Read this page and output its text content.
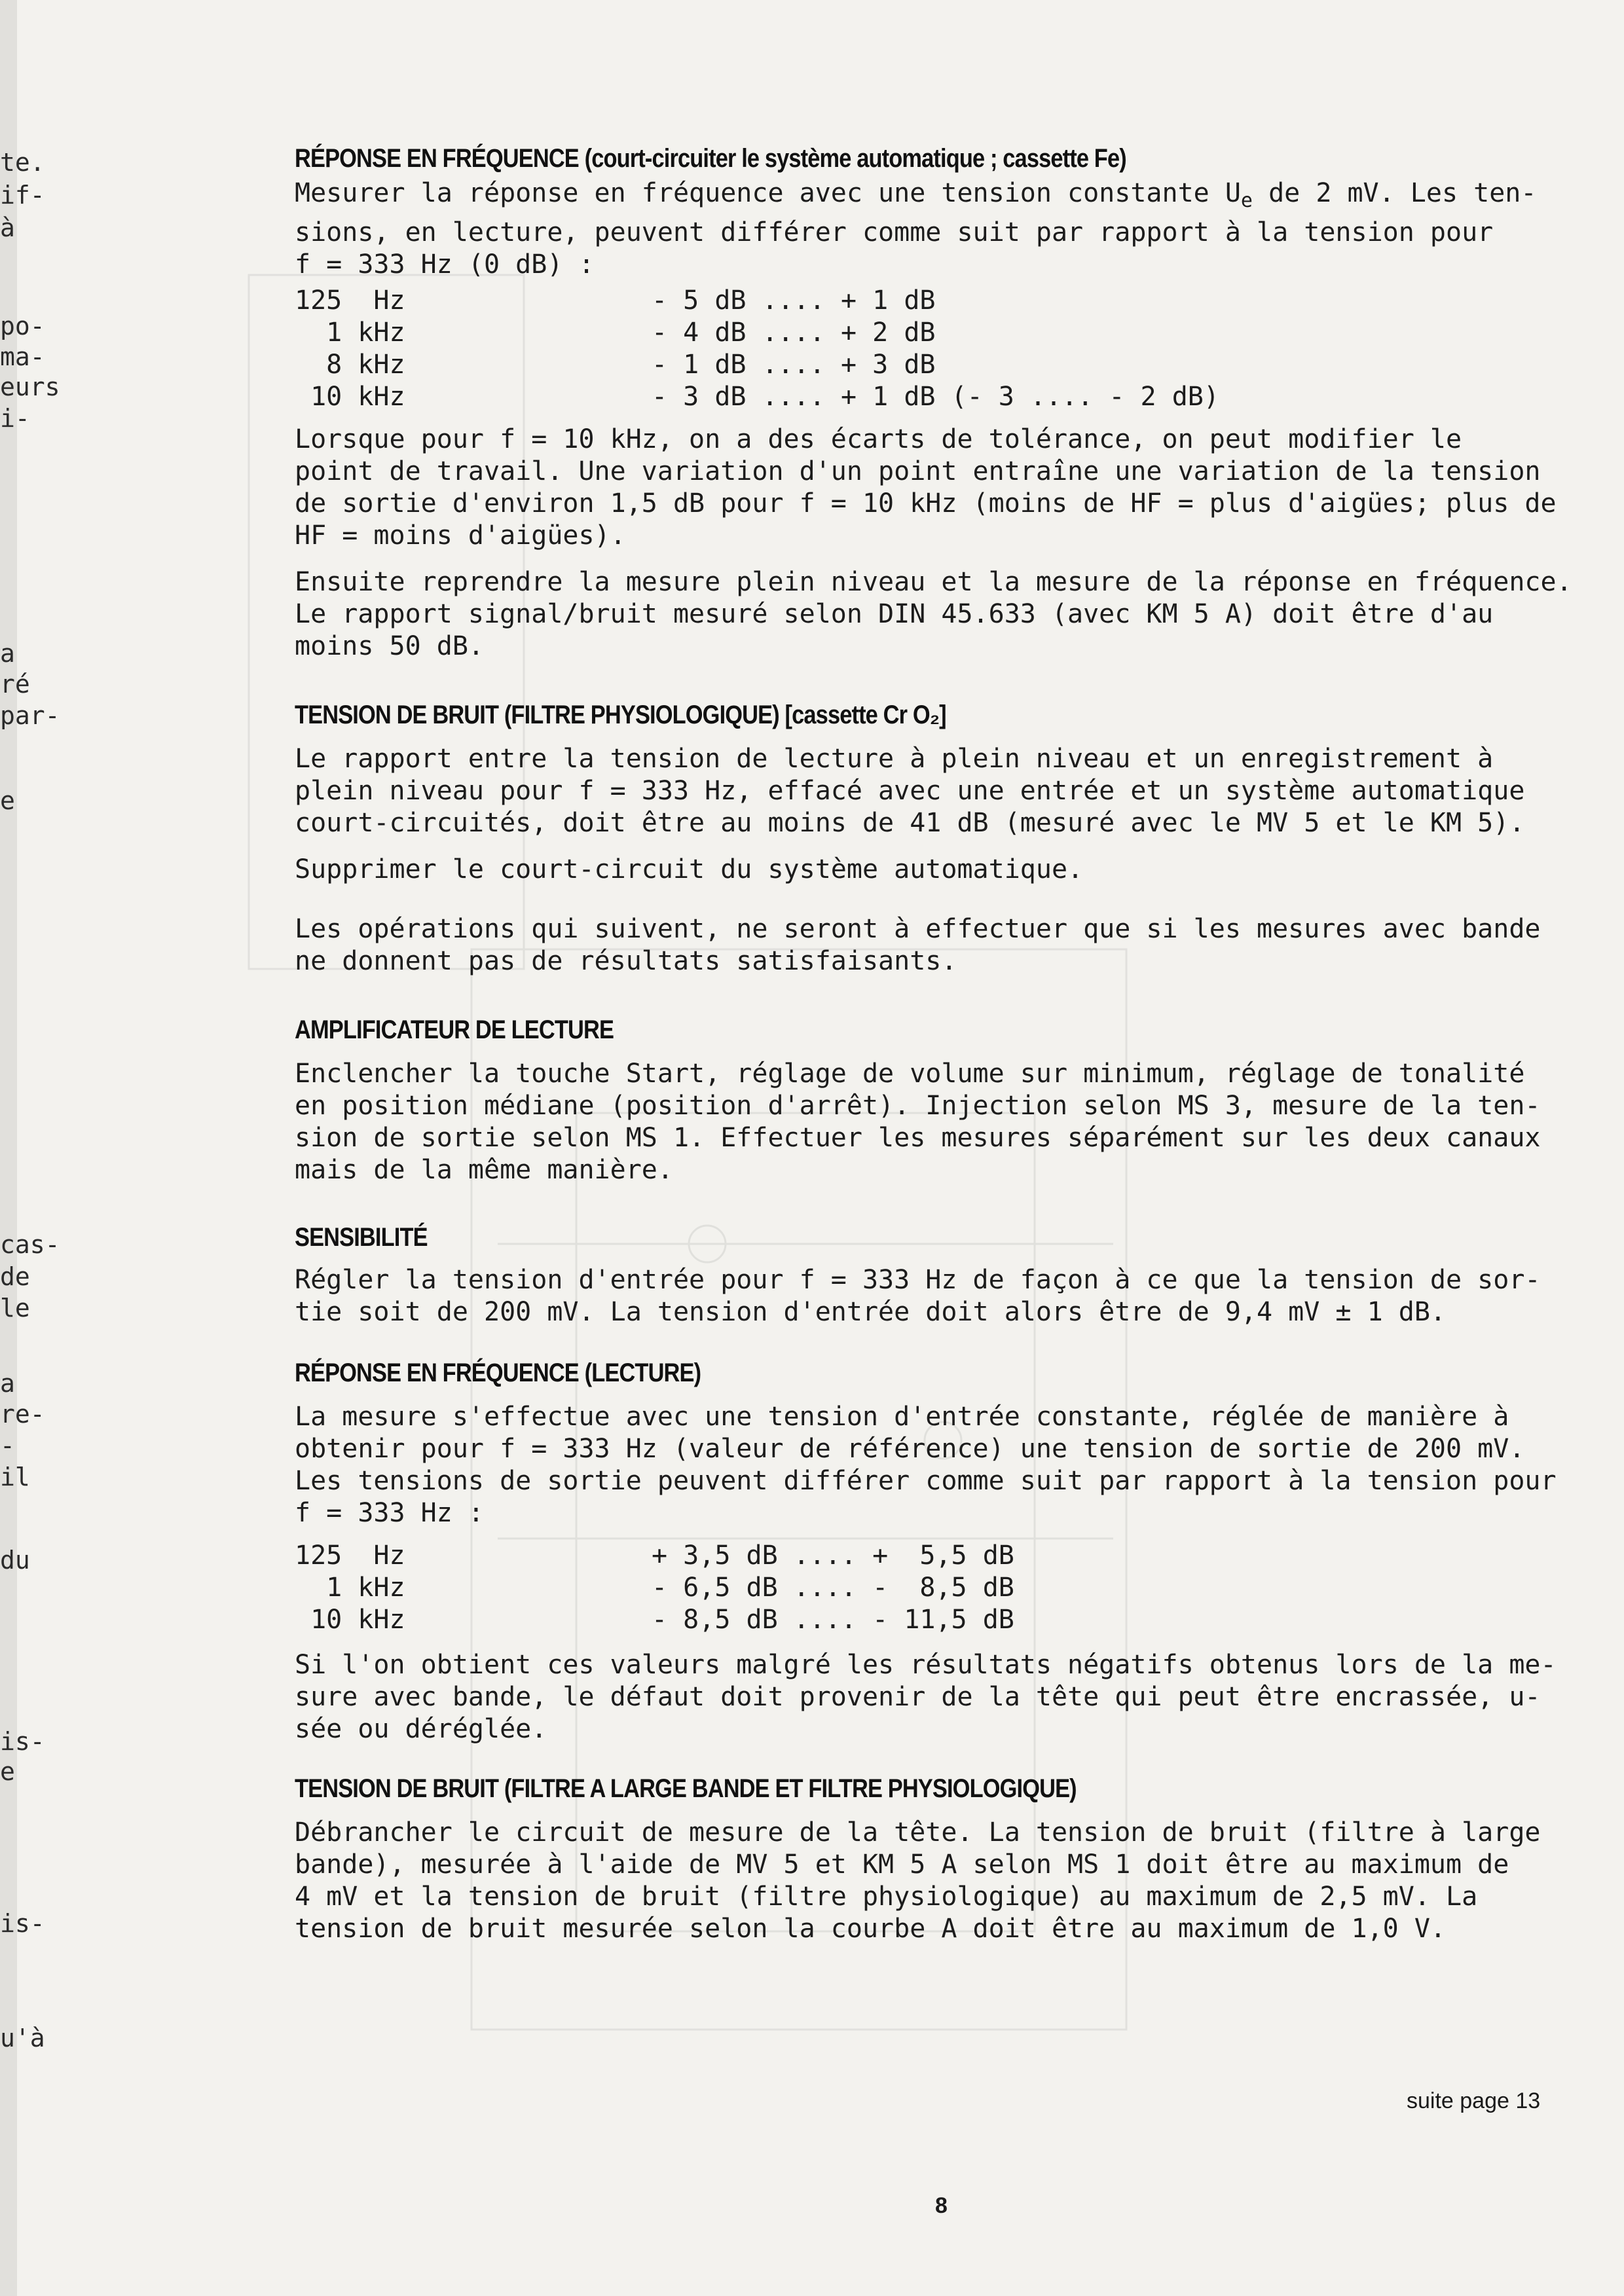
te.
if-
à
po-
ma-
eurs
i-
a
ré
par-
e
cas-
de
le
a
re-
-
il
du
is-
e
is-
u'à
RÉPONSE EN FRÉQUENCE (court-circuiter le système automatique ; cassette Fe)

Mesurer la réponse en fréquence avec une tension constante $U_e$ de 2 mV. Les ten-
sions, en lecture, peuvent différer comme suit par rapport à la tension pour
f = 333 Hz (0 dB) :

125  Hz	- 5 dB .... + 1 dB
1 kHz	- 4 dB .... + 2 dB
8 kHz	- 1 dB .... + 3 dB
10 kHz	- 3 dB .... + 1 dB (- 3 .... - 2 dB)

Lorsque pour f = 10 kHz, on a des écarts de tolérance, on peut modifier le
point de travail. Une variation d'un point entraîne une variation de la tension
de sortie d'environ 1,5 dB pour f = 10 kHz (moins de HF = plus d'aigües; plus de
HF = moins d'aigües).

Ensuite reprendre la mesure plein niveau et la mesure de la réponse en fréquence.
Le rapport signal/bruit mesuré selon DIN 45.633 (avec KM 5 A) doit être d'au
moins 50 dB.

TENSION DE BRUIT (FILTRE PHYSIOLOGIQUE) [cassette Cr O₂]

Le rapport entre la tension de lecture à plein niveau et un enregistrement à
plein niveau pour f = 333 Hz, effacé avec une entrée et un système automatique
court-circuités, doit être au moins de 41 dB (mesuré avec le MV 5 et le KM 5).

Supprimer le court-circuit du système automatique.

Les opérations qui suivent, ne seront à effectuer que si les mesures avec bande
ne donnent pas de résultats satisfaisants.

AMPLIFICATEUR DE LECTURE

Enclencher la touche Start, réglage de volume sur minimum, réglage de tonalité
en position médiane (position d'arrêt). Injection selon MS 3, mesure de la ten-
sion de sortie selon MS 1. Effectuer les mesures séparément sur les deux canaux
mais de la même manière.

SENSIBILITÉ

Régler la tension d'entrée pour f = 333 Hz de façon à ce que la tension de sor-
tie soit de 200 mV. La tension d'entrée doit alors être de 9,4 mV ± 1 dB.

RÉPONSE EN FRÉQUENCE (LECTURE)

La mesure s'effectue avec une tension d'entrée constante, réglée de manière à
obtenir pour f = 333 Hz (valeur de référence) une tension de sortie de 200 mV.
Les tensions de sortie peuvent différer comme suit par rapport à la tension pour
f = 333 Hz :

125  Hz	+ 3,5 dB .... +  5,5 dB
1 kHz	- 6,5 dB .... -  8,5 dB
10 kHz	- 8,5 dB .... - 11,5 dB

Si l'on obtient ces valeurs malgré les résultats négatifs obtenus lors de la me-
sure avec bande, le défaut doit provenir de la tête qui peut être encrassée, u-
sée ou déréglée.

TENSION DE BRUIT (FILTRE A LARGE BANDE ET FILTRE PHYSIOLOGIQUE)

Débrancher le circuit de mesure de la tête. La tension de bruit (filtre à large
bande), mesurée à l'aide de MV 5 et KM 5 A selon MS 1 doit être au maximum de
4 mV et la tension de bruit (filtre physiologique) au maximum de 2,5 mV. La
tension de bruit mesurée selon la courbe A doit être au maximum de 1,0 V.

suite page 13
8
